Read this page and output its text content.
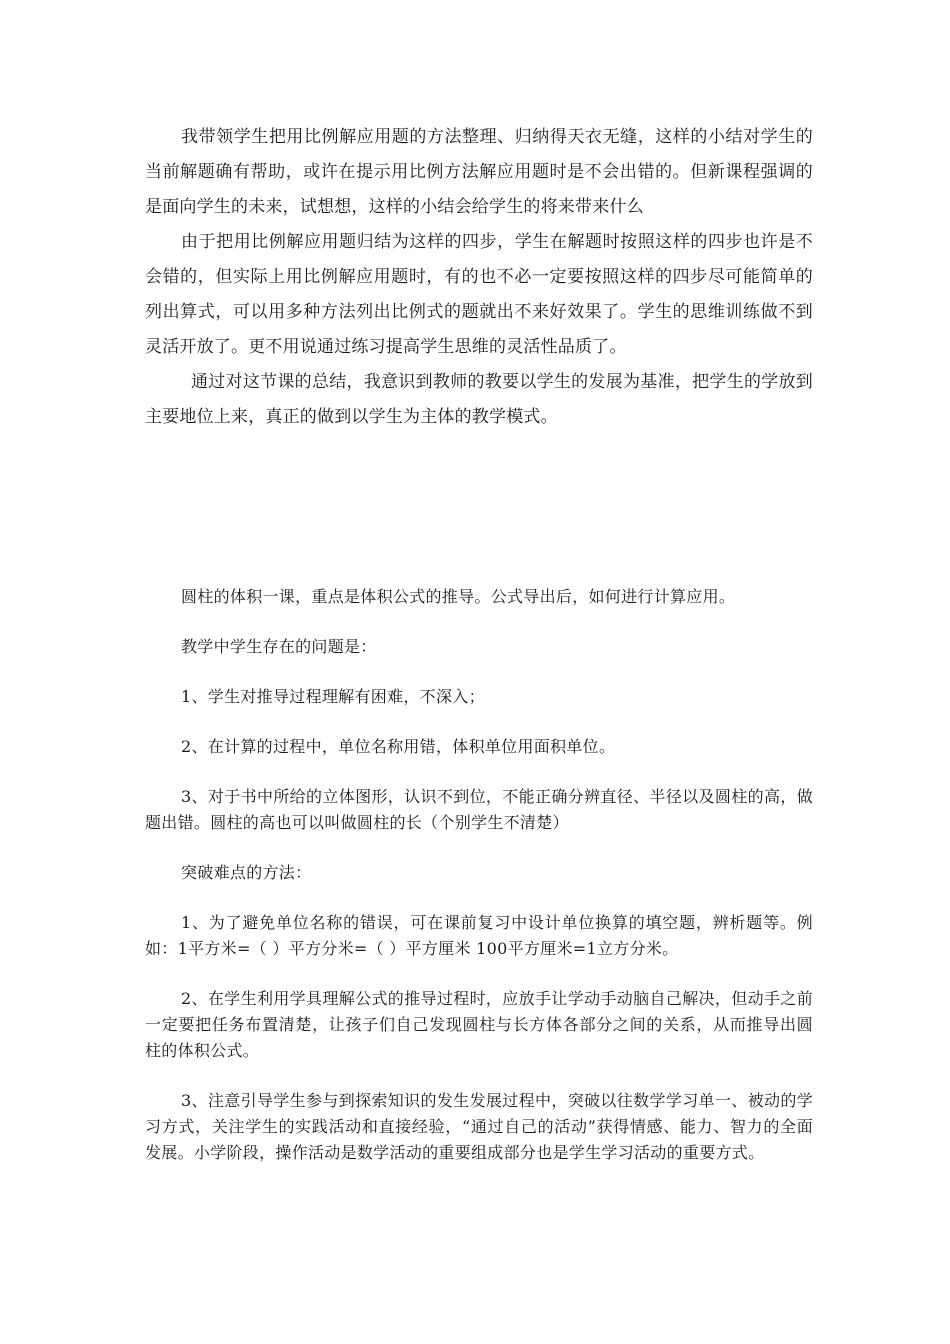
我带领学生把用比例解应用题的方法整理、归纳得天衣无缝，这样的小结对学生的当前解题确有帮助，或许在提示用比例方法解应用题时是不会出错的。但新课程强调的是面向学生的未来，试想想，这样的小结会给学生的将来带来什么

由于把用比例解应用题归结为这样的四步，学生在解题时按照这样的四步也许是不会错的，但实际上用比例解应用题时，有的也不必一定要按照这样的四步尽可能简单的列出算式，可以用多种方法列出比例式的题就出不来好效果了。学生的思维训练做不到灵活开放了。更不用说通过练习提高学生思维的灵活性品质了。

通过对这节课的总结，我意识到教师的教要以学生的发展为基准，把学生的学放到主要地位上来，真正的做到以学生为主体的教学模式。

圆柱的体积一课，重点是体积公式的推导。公式导出后，如何进行计算应用。

教学中学生存在的问题是：

1、学生对推导过程理解有困难，不深入；

2、在计算的过程中，单位名称用错，体积单位用面积单位。

3、对于书中所给的立体图形，认识不到位，不能正确分辨直径、半径以及圆柱的高，做题出错。圆柱的高也可以叫做圆柱的长（个别学生不清楚）

突破难点的方法：

1、为了避免单位名称的错误，可在课前复习中设计单位换算的填空题，辨析题等。例如：1平方米=（ ）平方分米=（ ）平方厘米 100平方厘米=1立方分米。

2、在学生利用学具理解公式的推导过程时，应放手让学动手动脑自己解决，但动手之前一定要把任务布置清楚，让孩子们自己发现圆柱与长方体各部分之间的关系，从而推导出圆柱的体积公式。

3、注意引导学生参与到探索知识的发生发展过程中，突破以往数学学习单一、被动的学习方式，关注学生的实践活动和直接经验，“通过自己的活动”获得情感、能力、智力的全面发展。小学阶段，操作活动是数学活动的重要组成部分也是学生学习活动的重要方式。
